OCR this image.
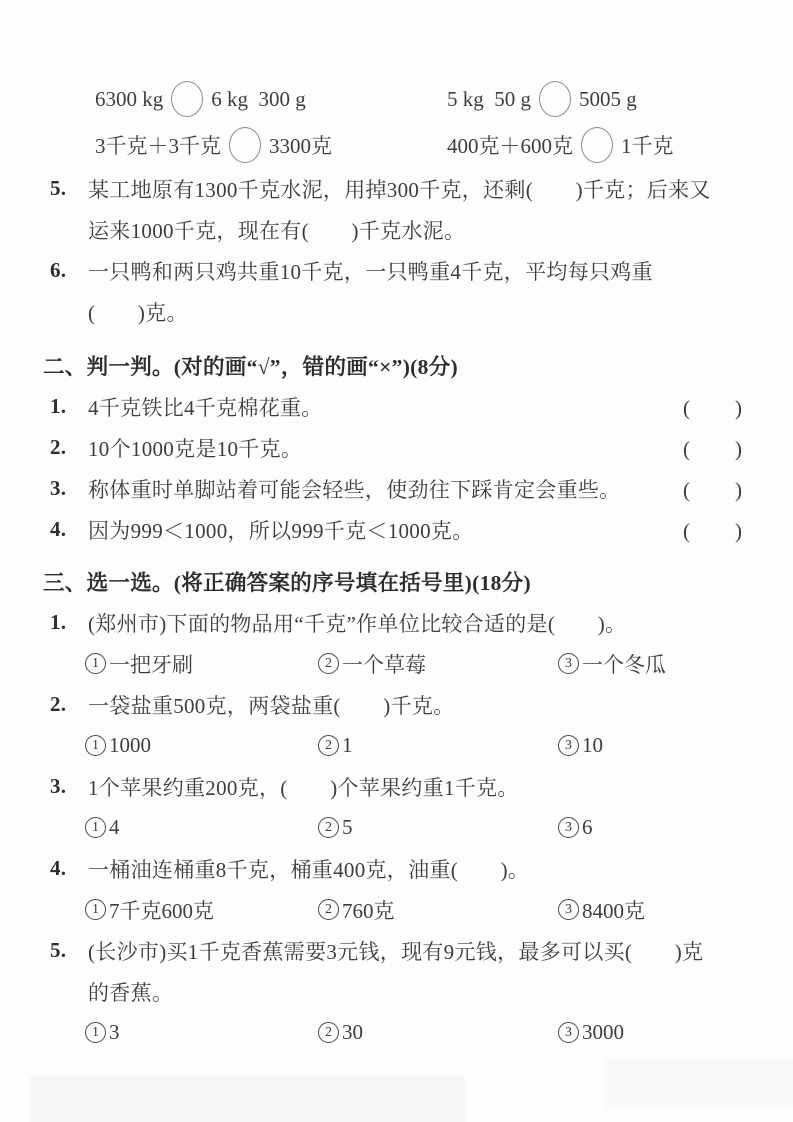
6300 kg 6 kg  300 g	5 kg  50 g 5005 g
3千克＋3千克 3300克	400克＋600克 1千克
5.	某工地原有1300千克水泥，用掉300千克，还剩(　　)千克；后来又
运来1000千克，现在有(　　)千克水泥。
6.	一只鸭和两只鸡共重10千克，一只鸭重4千克，平均每只鸡重
(　　)克。
二、判一判。(对的画“√”，错的画“×”)(8分)
1.	4千克铁比4千克棉花重。	(　　)
2.	10个1000克是10千克。	(　　)
3.	称体重时单脚站着可能会轻些，使劲往下踩肯定会重些。	(　　)
4.	因为999＜1000，所以999千克＜1000克。	(　　)
三、选一选。(将正确答案的序号填在括号里)(18分)
1.	(郑州市)下面的物品用“千克”作单位比较合适的是(　　)。
1 一把牙刷	2 一个草莓	3 一个冬瓜
2.	一袋盐重500克，两袋盐重(　　)千克。
1 1000	2 1	3 10
3.	1个苹果约重200克，(　　)个苹果约重1千克。
1 4	2 5	3 6
4.	一桶油连桶重8千克，桶重400克，油重(　　)。
1 7千克600克	2 760克	3 8400克
5.	(长沙市)买1千克香蕉需要3元钱，现有9元钱，最多可以买(　　)克
的香蕉。
1 3	2 30	3 3000
